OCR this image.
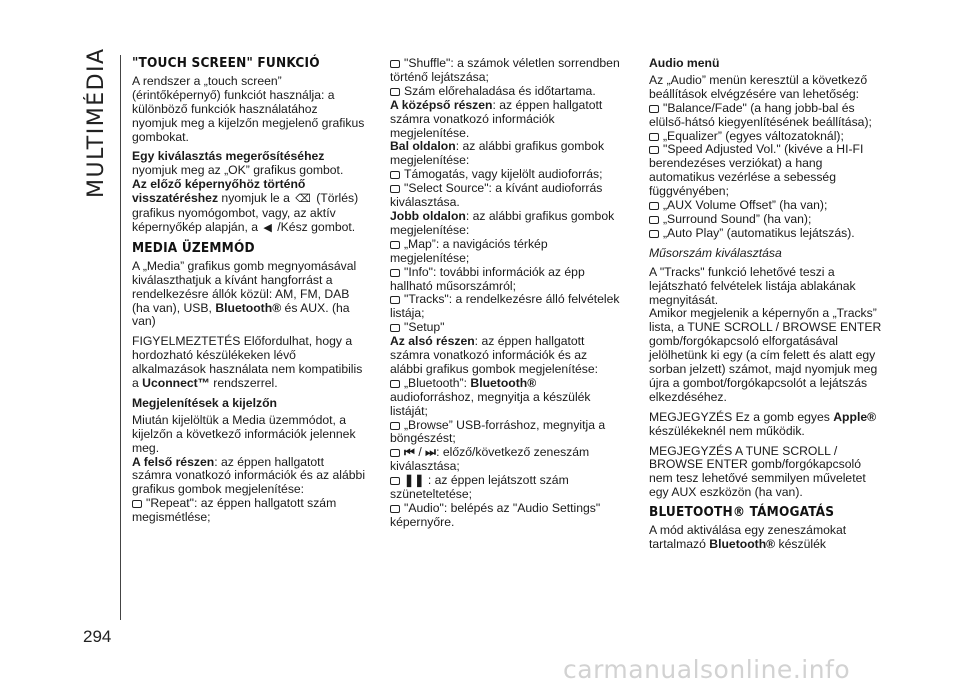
MULTIMÉDIA
294
"TOUCH SCREEN" FUNKCIÓ

A rendszer a „touch screen” (érintőképernyő) funkciót használja: a különböző funkciók használatához nyomjuk meg a kijelzőn megjelenő grafikus gombokat.

Egy kiválasztás megerősítéséhez nyomjuk meg az „OK” grafikus gombot.

Az előző képernyőhöz történő visszatéréshez nyomjuk le a ⌫ (Törlés) grafikus nyomógombot, vagy, az aktív képernyőkép alapján, a ◀ /Kész gombot.

MEDIA ÜZEMMÓD

A „Media” grafikus gomb megnyomásával kiválaszthatjuk a kívánt hangforrást a rendelkezésre állók közül: AM, FM, DAB (ha van), USB, Bluetooth® és AUX. (ha van)

FIGYELMEZTETÉS Előfordulhat, hogy a hordozható készülékeken lévő alkalmazások használata nem kompatibilis a Uconnect™ rendszerrel.

Megjelenítések a kijelzőn

Miután kijelöltük a Media üzemmódot, a kijelzőn a következő információk jelennek meg.

A felső részen: az éppen hallgatott számra vonatkozó információk és az alábbi grafikus gombok megjelenítése:

"Repeat": az éppen hallgatott szám megismétlése;

"Shuffle": a számok véletlen sorrendben történő lejátszása;

Szám előrehaladása és időtartama.

A középső részen: az éppen hallgatott számra vonatkozó információk megjelenítése.

Bal oldalon: az alábbi grafikus gombok megjelenítése:

Támogatás, vagy kijelölt audioforrás;

"Select Source": a kívánt audioforrás kiválasztása.

Jobb oldalon: az alábbi grafikus gombok megjelenítése:

„Map”: a navigációs térkép megjelenítése;

"Info": további információk az épp hallható műsorszámról;

"Tracks": a rendelkezésre álló felvételek listája;

"Setup"

Az alsó részen: az éppen hallgatott számra vonatkozó információk és az alábbi grafikus gombok megjelenítése:

„Bluetooth”: Bluetooth® audioforráshoz, megnyitja a készülék listáját;

„Browse” USB-forráshoz, megnyitja a böngészést;

⏮ / ⏭: előző/következő zeneszám kiválasztása;

❚❚ : az éppen lejátszott szám szüneteltetése;

"Audio": belépés az "Audio Settings" képernyőre.

Audio menü

Az „Audio” menün keresztül a következő beállítások elvégzésére van lehetőség:

"Balance/Fade" (a hang jobb-bal és elülső-hátsó kiegyenlítésének beállítása);

„Equalizer” (egyes változatoknál);

"Speed Adjusted Vol." (kivéve a HI-FI berendezéses verziókat) a hang automatikus vezérlése a sebesség függvényében;

„AUX Volume Offset” (ha van);

„Surround Sound” (ha van);

„Auto Play” (automatikus lejátszás).

Műsorszám kiválasztása

A "Tracks" funkció lehetővé teszi a lejátszható felvételek listája ablakának megnyitását.

Amikor megjelenik a képernyőn a „Tracks” lista, a TUNE SCROLL / BROWSE ENTER gomb/forgókapcsoló elforgatásával jelölhetünk ki egy (a cím felett és alatt egy sorban jelzett) számot, majd nyomjuk meg újra a gombot/forgókapcsolót a lejátszás elkezdéséhez.

MEGJEGYZÉS Ez a gomb egyes Apple® készülékeknél nem működik.

MEGJEGYZÉS A TUNE SCROLL / BROWSE ENTER gomb/forgókapcsoló nem tesz lehetővé semmilyen műveletet egy AUX eszközön (ha van).

BLUETOOTH® TÁMOGATÁS

A mód aktiválása egy zeneszámokat tartalmazó Bluetooth® készülék

carmanualsonline.info
